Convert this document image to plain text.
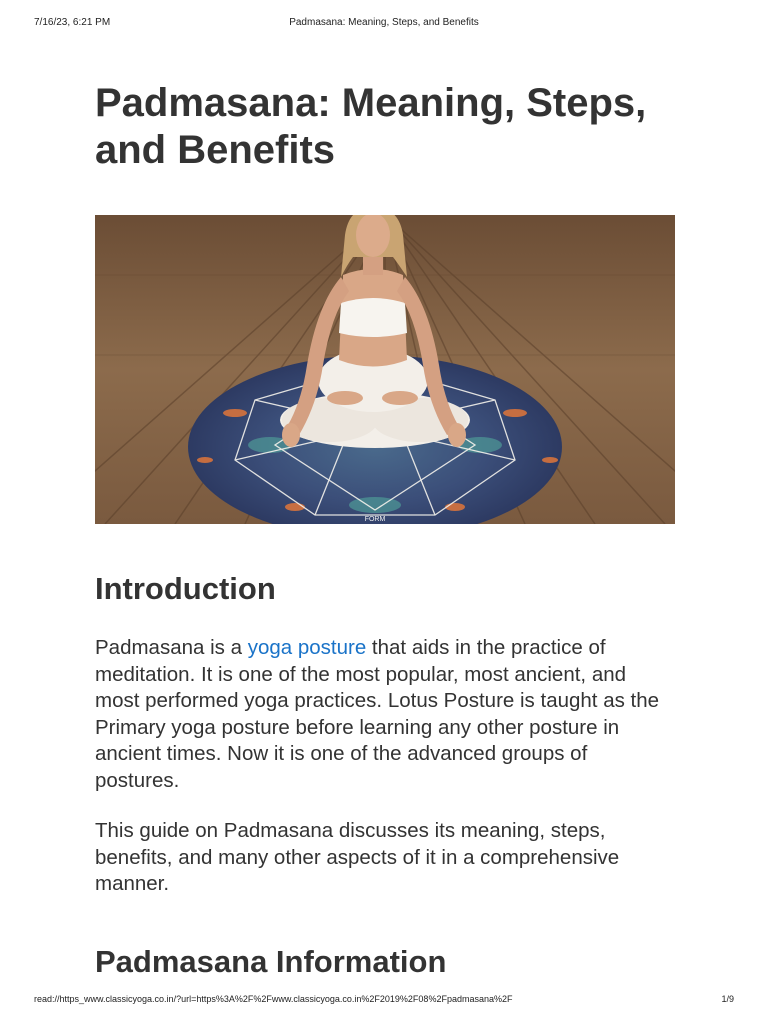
7/16/23, 6:21 PM	Padmasana: Meaning, Steps, and Benefits
Padmasana: Meaning, Steps, and Benefits
FORM
Introduction

Padmasana is a yoga posture that aids in the practice of meditation. It is one of the most popular, most ancient, and most performed yoga practices. Lotus Posture is taught as the Primary yoga posture before learning any other posture in ancient times. Now it is one of the advanced groups of postures.

This guide on Padmasana discusses its meaning, steps, benefits, and many other aspects of it in a comprehensive manner.

Padmasana Information
read://https_www.classicyoga.co.in/?url=https%3A%2F%2Fwww.classicyoga.co.in%2F2019%2F08%2Fpadmasana%2F	1/9
